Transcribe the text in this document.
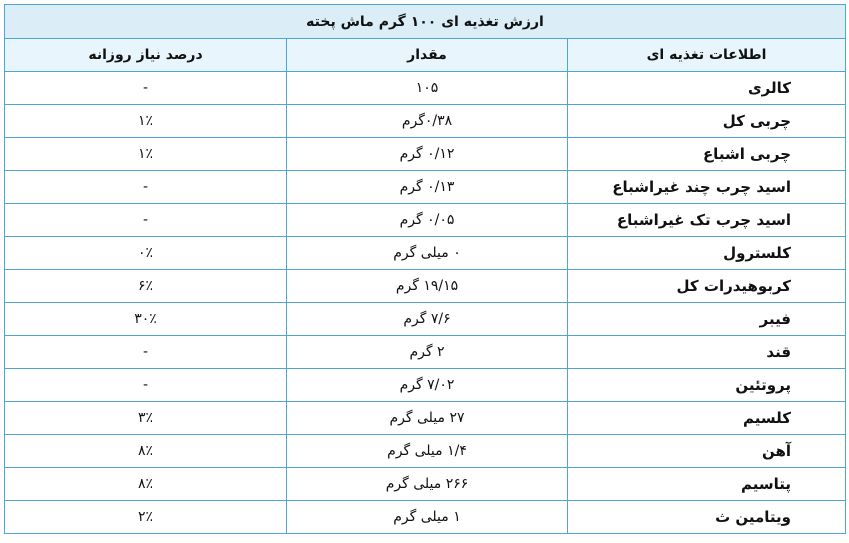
ارزش تغذیه ای ۱۰۰ گرم ماش پخته		
اطلاعات تغذیه ای	مقدار	درصد نیاز روزانه
کالری	۱۰۵	-
چربی کل	۰/۳۸گرم	۱٪
چربی اشباع	۰/۱۲ گرم	۱٪
اسید چرب چند غیراشباع	۰/۱۳ گرم	-
اسید چرب تک غیراشباع	۰/۰۵ گرم	-
کلسترول	۰ میلی گرم	۰٪
کربوهیدرات کل	۱۹/۱۵ گرم	۶٪
فیبر	۷/۶ گرم	۳۰٪
قند	۲ گرم	-
پروتئین	۷/۰۲ گرم	-
کلسیم	۲۷ میلی گرم	۳٪
آهن	۱/۴ میلی گرم	۸٪
پتاسیم	۲۶۶ میلی گرم	۸٪
ویتامین ث	۱ میلی گرم	۲٪
